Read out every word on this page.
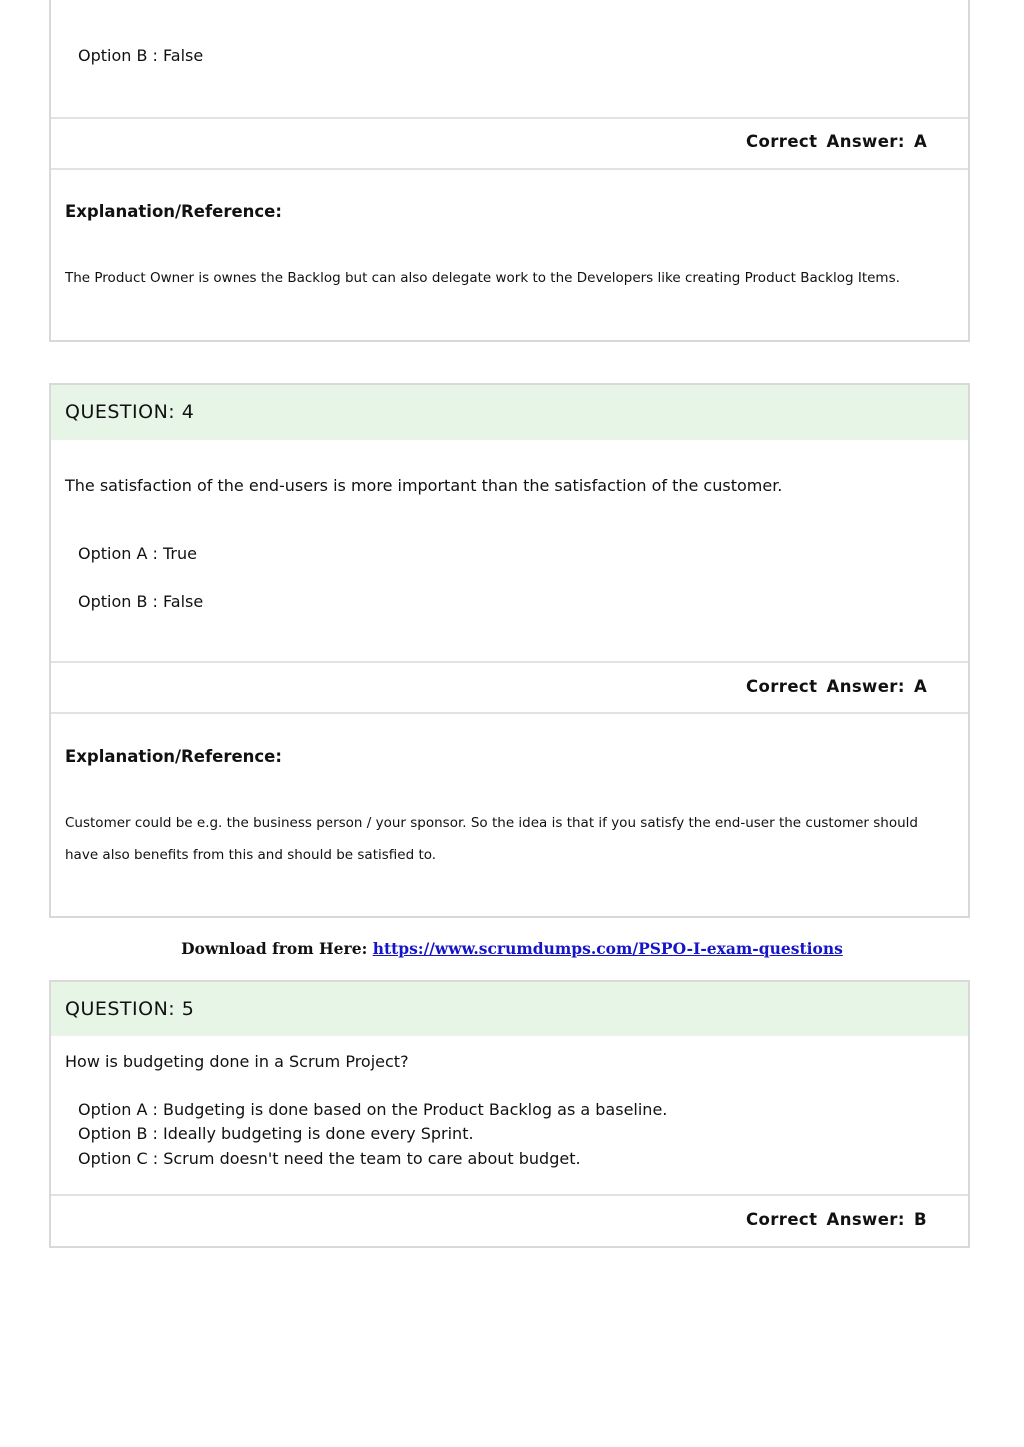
Option B : False
Correct Answer: A
Explanation/Reference:
The Product Owner is ownes the Backlog but can also delegate work to the Developers like creating Product Backlog Items.
QUESTION: 4
The satisfaction of the end-users is more important than the satisfaction of the customer.
Option A : True
Option B : False
Correct Answer: A
Explanation/Reference:
Customer could be e.g. the business person / your sponsor. So the idea is that if you satisfy the end-user the customer should
have also benefits from this and should be satisfied to.
Download from Here: https://www.scrumdumps.com/PSPO-I-exam-questions
QUESTION: 5
How is budgeting done in a Scrum Project?
Option A : Budgeting is done based on the Product Backlog as a baseline.
Option B : Ideally budgeting is done every Sprint.
Option C : Scrum doesn't need the team to care about budget.
Correct Answer: B
